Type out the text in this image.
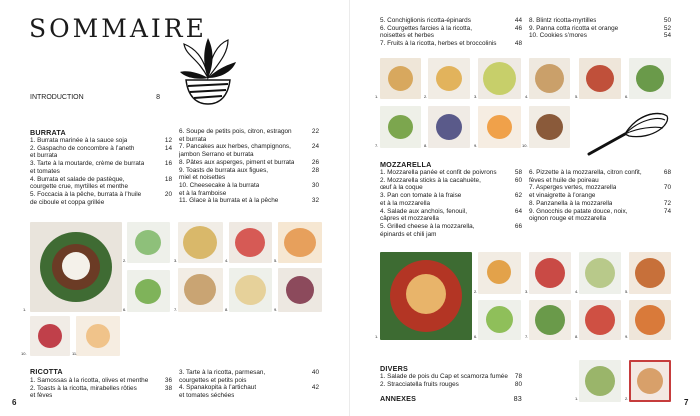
SOMMAIRE
INTRODUCTION	8
BURRATA
1. Burrata marinée à la sauce soja	12
2. Gaspacho de concombre à l’aneth	14
et burrata
3. Tarte à la moutarde, crème de burrata	16
et tomates
4. Burrata et salade de pastèque,	18
courgette crue, myrtilles et menthe
5. Foccacia à la pêche, burrata à l’huile	20
de ciboule et coppa grillée
6. Soupe de petits pois, citron, estragon	22
et burrata
7. Pancakes aux herbes, champignons,	24
jambon Serrano et burrata
8. Pâtes aux asperges, piment et burrata	26
9. Toasts de burrata aux figues,	28
miel et noisettes
10. Cheesecake à la burrata	30
et à la framboise
11. Glace à la burrata et à la pêche	32
1.
2.	3.	4.	5.
6.	7.	8.	9.
10.	11.
RICOTTA
1. Samossas à la ricotta, olives et menthe	36
2. Toasts à la ricotta, mirabelles rôties	38
et fèves
3. Tarte à la ricotta, parmesan,	40
courgettes et petits pois
4. Spanakopita à l’artichaut	42
et tomates séchées
6
5. Conchiglionis ricotta-épinards	44
6. Courgettes farcies à la ricotta,	46
noisettes et herbes
7. Fruits à la ricotta, herbes et broccolinis	48
8. Blintz ricotta-myrtilles	50
9. Panna cotta ricotta et orange	52
10. Cookies s’mores	54
1.	2.	3.	4.	5.	6.
7.	8.	9.	10.
MOZZARELLA
1. Mozzarella panée et confit de poivrons	58
2. Mozzarella sticks à la cacahuète,	60
œuf à la coque
3. Pan con tomate à la fraise	62
et à la mozzarella
4. Salade aux anchois, fenouil,	64
câpres et mozzarella
5. Grilled cheese à la mozzarella,	66
épinards et chili jam
6. Pizzette à la mozzarella, citron confit,	68
fèves et huile de poireau
7. Asperges vertes, mozzarella	70
et vinaigrette à l’orange
8. Panzanella à la mozzarella	72
9. Gnocchis de patate douce, noix,	74
oignon rouge et mozzarella
1.
2.	3.	4.	5.
6.	7.	8.	9.
DIVERS
1. Salade de pois du Cap et scamorza fumée	78
2. Stracciatella fruits rouges	80
ANNEXES	83	1.	2.	7
